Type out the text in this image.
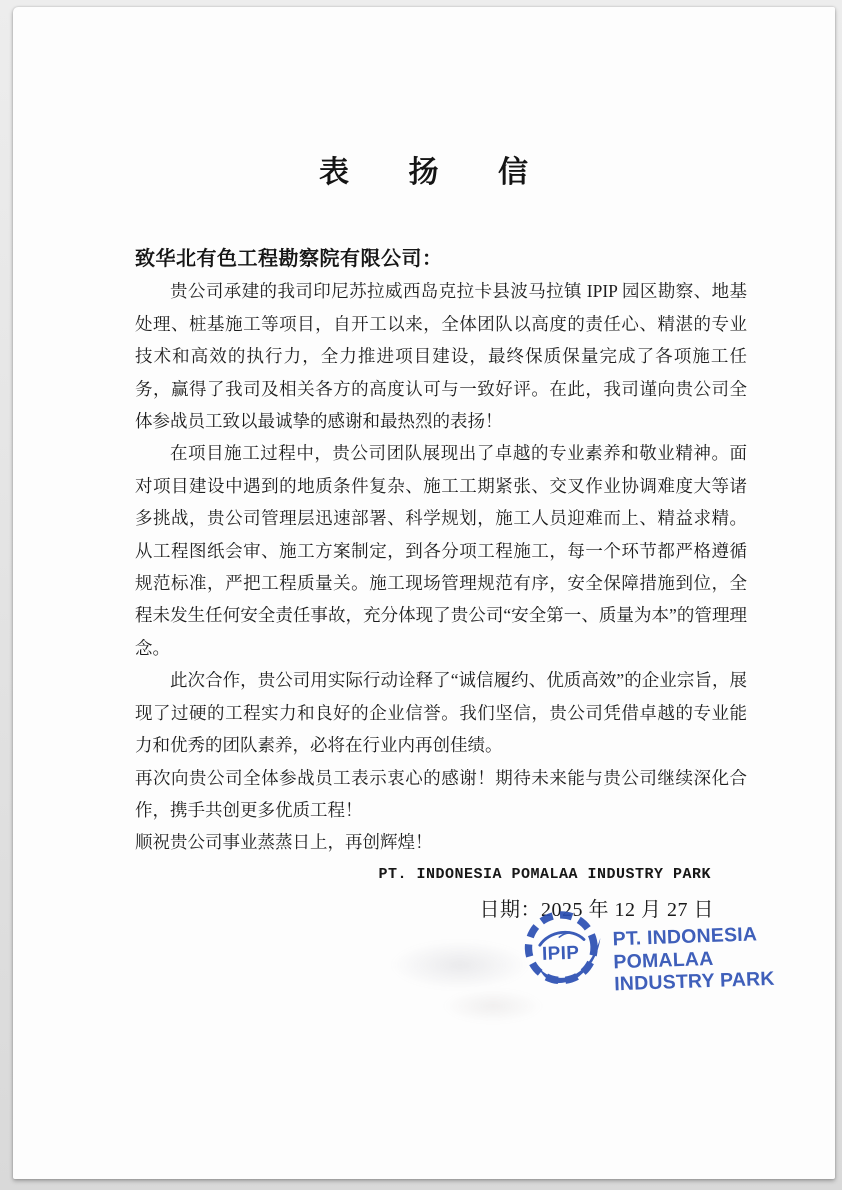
表 扬 信

致华北有色工程勘察院有限公司：

贵公司承建的我司印尼苏拉威西岛克拉卡县波马拉镇 IPIP 园区勘察、地基处理、桩基施工等项目，自开工以来，全体团队以高度的责任心、精湛的专业技术和高效的执行力，全力推进项目建设，最终保质保量完成了各项施工任务，赢得了我司及相关各方的高度认可与一致好评。在此，我司谨向贵公司全体参战员工致以最诚挚的感谢和最热烈的表扬！

在项目施工过程中，贵公司团队展现出了卓越的专业素养和敬业精神。面对项目建设中遇到的地质条件复杂、施工工期紧张、交叉作业协调难度大等诸多挑战，贵公司管理层迅速部署、科学规划，施工人员迎难而上、精益求精。从工程图纸会审、施工方案制定，到各分项工程施工，每一个环节都严格遵循规范标准，严把工程质量关。施工现场管理规范有序，安全保障措施到位，全程未发生任何安全责任事故，充分体现了贵公司“安全第一、质量为本”的管理理念。

此次合作，贵公司用实际行动诠释了“诚信履约、优质高效”的企业宗旨，展现了过硬的工程实力和良好的企业信誉。我们坚信，贵公司凭借卓越的专业能力和优秀的团队素养，必将在行业内再创佳绩。

再次向贵公司全体参战员工表示衷心的感谢！期待未来能与贵公司继续深化合作，携手共创更多优质工程！

顺祝贵公司事业蒸蒸日上，再创辉煌！

PT. INDONESIA POMALAA INDUSTRY PARK

日期：2025 年 12 月 27 日

IPIP
PT. INDONESIA
POMALAA
INDUSTRY PARK
